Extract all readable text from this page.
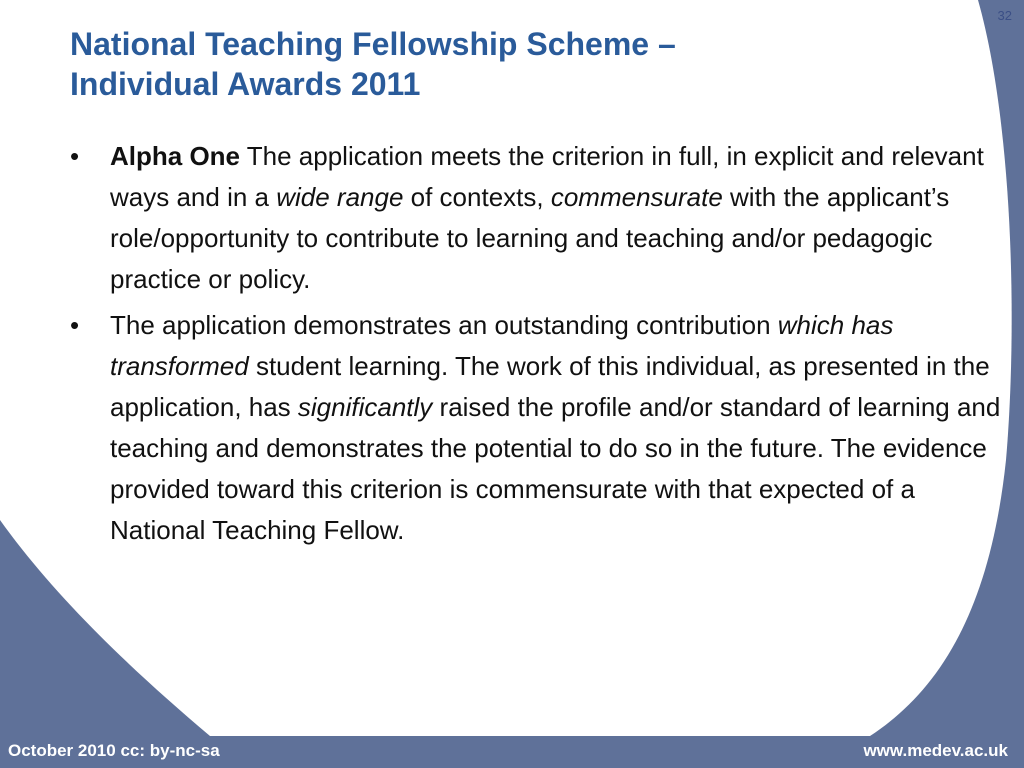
32
National Teaching Fellowship Scheme –
Individual Awards 2011
• Alpha One The application meets the criterion in full, in explicit and relevant ways and in a wide range of contexts, commensurate with the applicant’s role/opportunity to contribute to learning and teaching and/or pedagogic practice or policy.
• The application demonstrates an outstanding contribution which has transformed student learning. The work of this individual, as presented in the application, has significantly raised the profile and/or standard of learning and teaching and demonstrates the potential to do so in the future. The evidence provided toward this criterion is commensurate with that expected of a National Teaching Fellow.
October 2010 cc: by-nc-sa	www.medev.ac.uk
